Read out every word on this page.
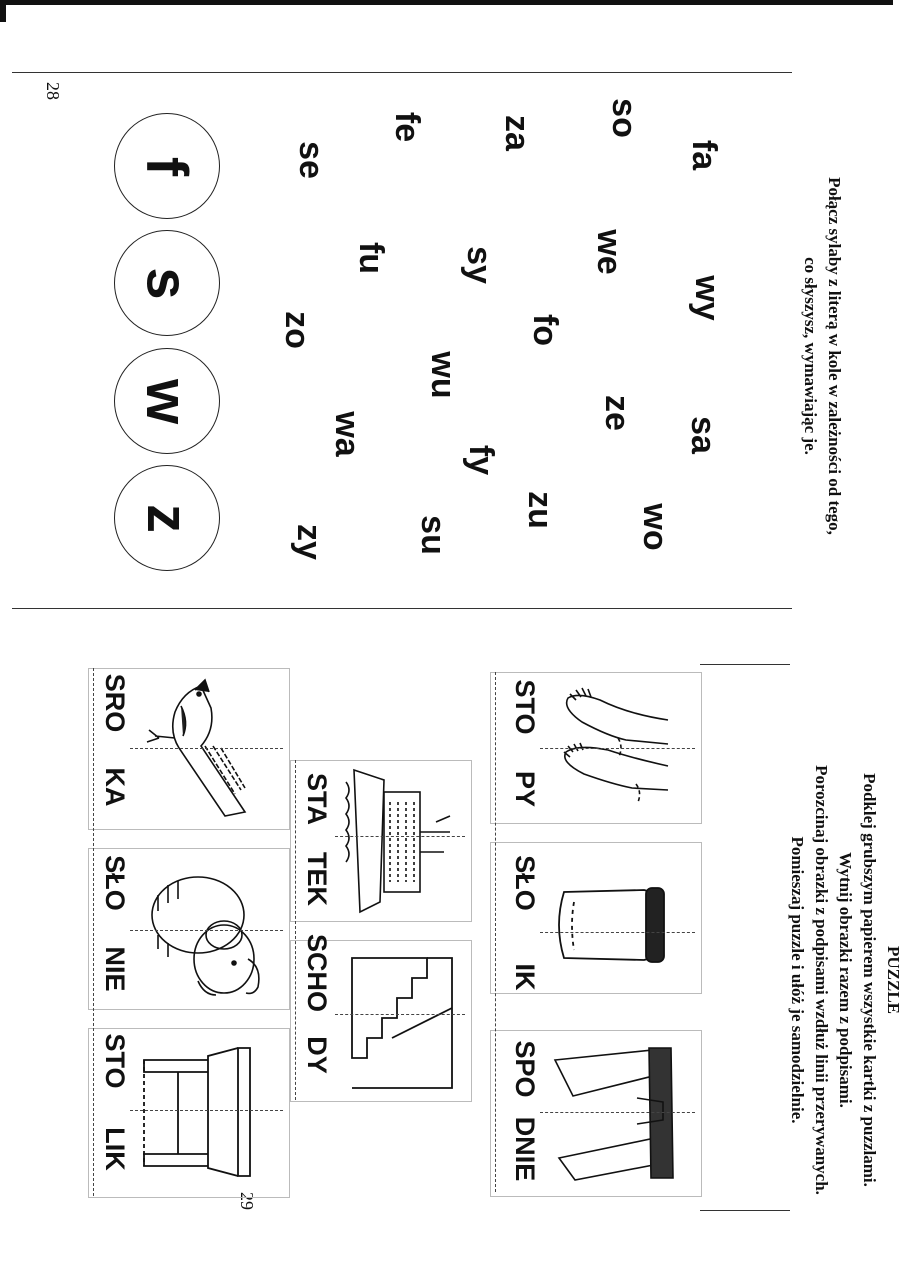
28
Połącz sylaby z literą w kole w zależności od tego,
co słyszysz, wymawiając je.
fa
wy
sa
wo
so
we
fo
ze
zu
za
sy
wu
fy
su
fe
fu
wa
se
zo
zy
f
s
w
z
PUZZLE
Podklej grubszym papierem wszystkie kartki z puzzlami.
Wytnij obrazki razem z podpisami.
Porozcinaj obrazki z podpisami wzdłuż linii przerywanych.
Pomieszaj puzzle i ułóż je samodzielnie.
29
STO
PY
SŁO
IK
SPO
DNIE
STA
TEK
SCHO
DY
SRO
KA
SŁO
NIE
STO
LIK
